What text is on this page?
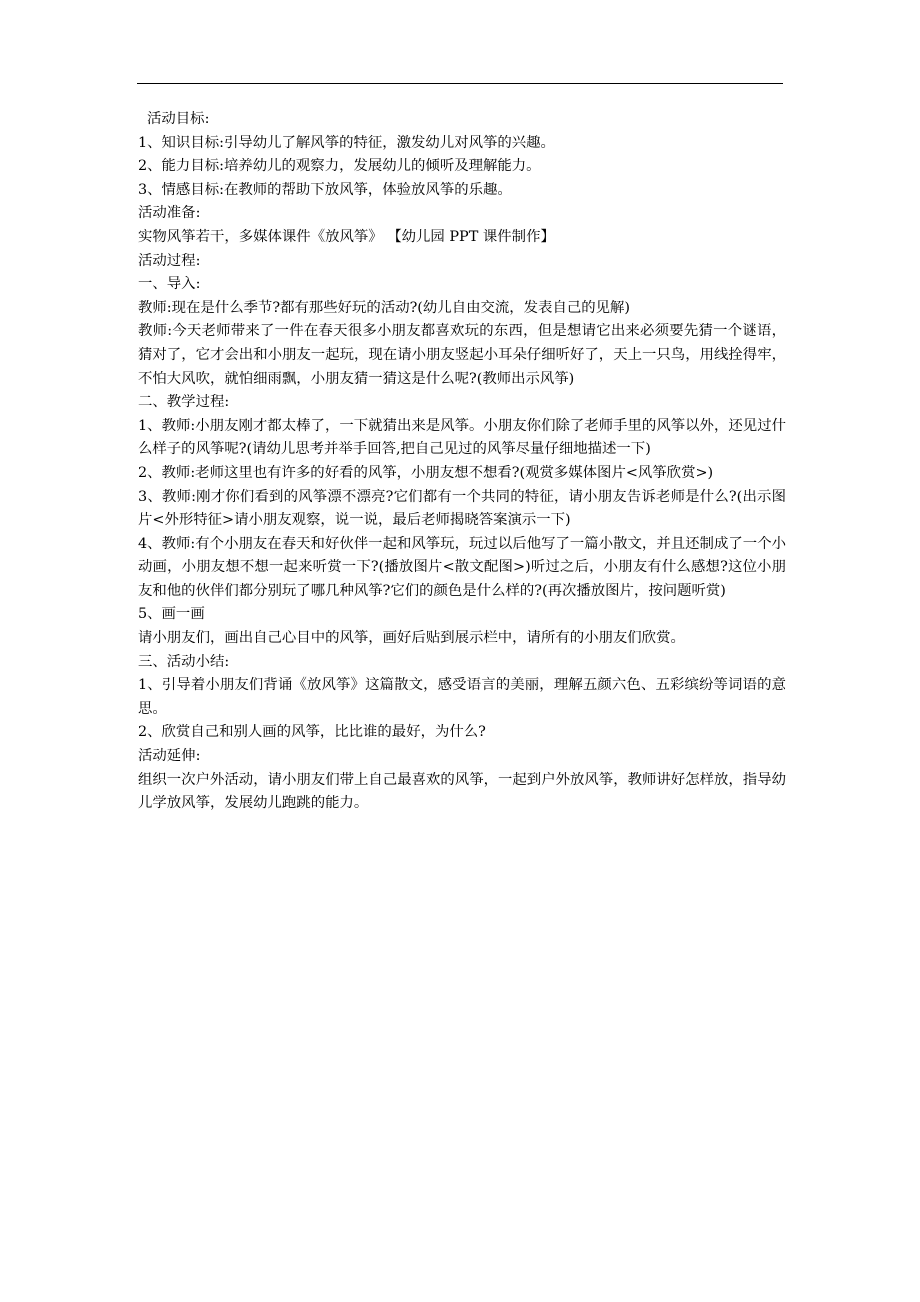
活动目标:
1、知识目标:引导幼儿了解风筝的特征，激发幼儿对风筝的兴趣。
2、能力目标:培养幼儿的观察力，发展幼儿的倾听及理解能力。
3、情感目标:在教师的帮助下放风筝，体验放风筝的乐趣。
活动准备:
实物风筝若干，多媒体课件《放风筝》 【幼儿园 PPT 课件制作】
活动过程:
一、导入:
教师:现在是什么季节?都有那些好玩的活动?(幼儿自由交流，发表自己的见解)
教师:今天老师带来了一件在春天很多小朋友都喜欢玩的东西，但是想请它出来必须要先猜一个谜语，猜对了，它才会出和小朋友一起玩，现在请小朋友竖起小耳朵仔细听好了，天上一只鸟，用线拴得牢， 不怕大风吹，就怕细雨飘，小朋友猜一猜这是什么呢?(教师出示风筝)
二、教学过程:
1、教师:小朋友刚才都太棒了，一下就猜出来是风筝。小朋友你们除了老师手里的风筝以外，还见过什么样子的风筝呢?(请幼儿思考并举手回答,把自己见过的风筝尽量仔细地描述一下)
2、教师:老师这里也有许多的好看的风筝，小朋友想不想看?(观赏多媒体图片<风筝欣赏>)
3、教师:刚才你们看到的风筝漂不漂亮?它们都有一个共同的特征，请小朋友告诉老师是什么?(出示图片<外形特征>请小朋友观察，说一说，最后老师揭晓答案演示一下)
4、教师:有个小朋友在春天和好伙伴一起和风筝玩，玩过以后他写了一篇小散文，并且还制成了一个小动画，小朋友想不想一起来听赏一下?(播放图片<散文配图>)听过之后，小朋友有什么感想?这位小朋友和他的伙伴们都分别玩了哪几种风筝?它们的颜色是什么样的?(再次播放图片，按问题听赏)
5、画一画
请小朋友们，画出自己心目中的风筝，画好后贴到展示栏中，请所有的小朋友们欣赏。
三、活动小结:
1、引导着小朋友们背诵《放风筝》这篇散文，感受语言的美丽，理解五颜六色、五彩缤纷等词语的意思。
2、欣赏自己和别人画的风筝，比比谁的最好，为什么?
活动延伸:
组织一次户外活动，请小朋友们带上自己最喜欢的风筝，一起到户外放风筝，教师讲好怎样放，指导幼儿学放风筝，发展幼儿跑跳的能力。
